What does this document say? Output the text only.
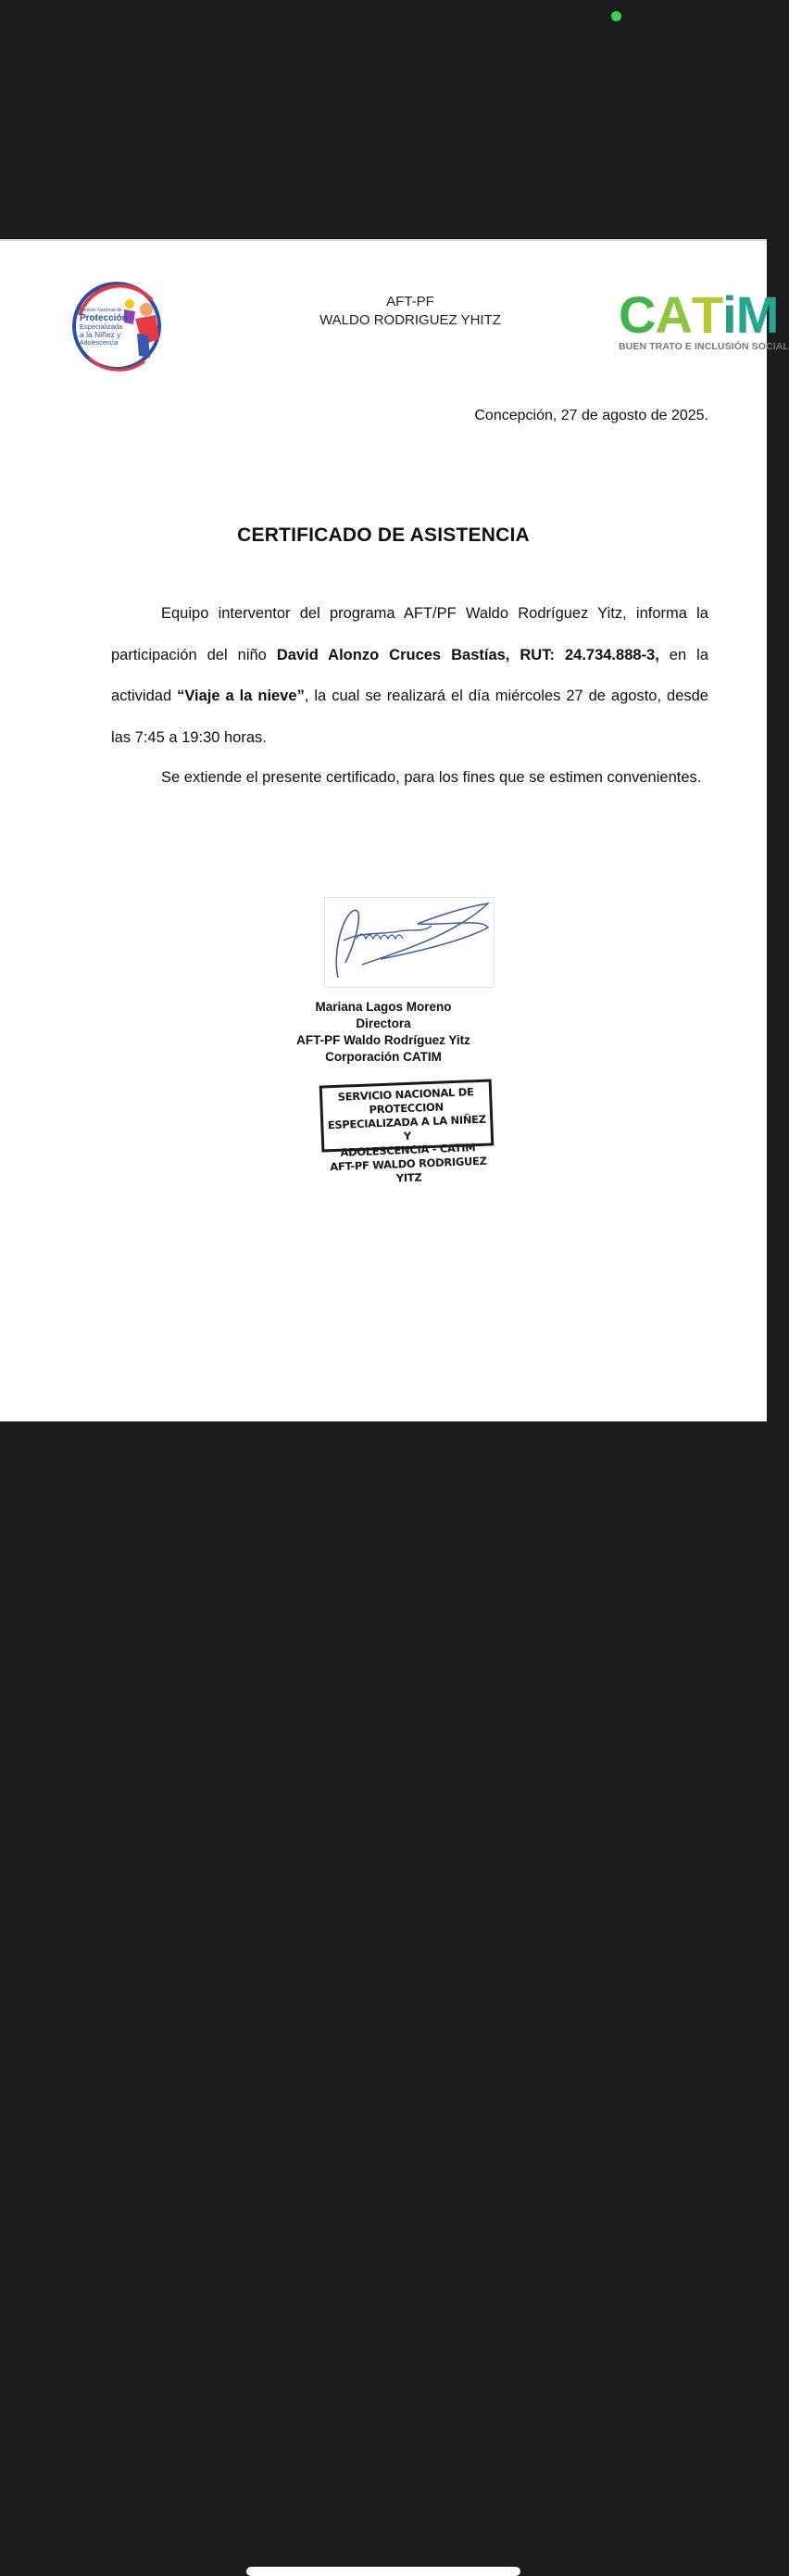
Servicio Nacional de
Protección
Especializada
a la Niñez y
Adolescencia
AFT-PF
WALDO RODRIGUEZ YHITZ	CATiM
BUEN TRATO E INCLUSIÓN SOCIAL
Concepción, 27 de agosto de 2025.
CERTIFICADO DE ASISTENCIA
Equipo interventor del programa AFT/PF Waldo Rodríguez Yitz, informa la participación del niño David Alonzo Cruces Bastías, RUT: 24.734.888-3, en la actividad “Viaje a la nieve”, la cual se realizará el día miércoles 27 de agosto, desde las 7:45 a 19:30 horas.
Se extiende el presente certificado, para los fines que se estimen convenientes.
Mariana Lagos Moreno
Directora
AFT-PF Waldo Rodríguez Yitz
Corporación CATIM
SERVICIO NACIONAL DE PROTECCION
ESPECIALIZADA A LA NIÑEZ Y
ADOLESCENCIA - CATIM
AFT-PF WALDO RODRIGUEZ YITZ
